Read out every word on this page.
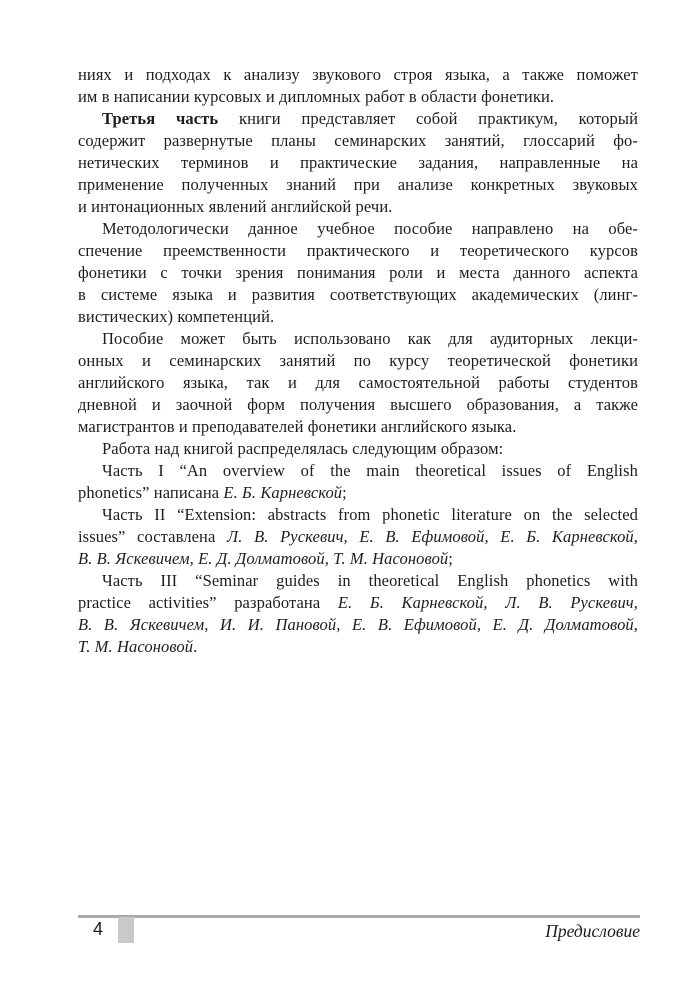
ниях и подходах к анализу звукового строя языка, а также поможет
им в написании курсовых и дипломных работ в области фонетики.
Третья часть книги представляет собой практикум, который
содержит развернутые планы семинарских занятий, глоссарий фо-
нетических терминов и практические задания, направленные на
применение полученных знаний при анализе конкретных звуковых
и интонационных явлений английской речи.
Методологически данное учебное пособие направлено на обе-
спечение преемственности практического и теоретического курсов
фонетики с точки зрения понимания роли и места данного аспекта
в системе языка и развития соответствующих академических (линг-
вистических) компетенций.
Пособие может быть использовано как для аудиторных лекци-
онных и семинарских занятий по курсу теоретической фонетики
английского языка, так и для самостоятельной работы студентов
дневной и заочной форм получения высшего образования, а также
магистрантов и преподавателей фонетики английского языка.
Работа над книгой распределялась следующим образом:
Часть I “An overview of the main theoretical issues of English
phonetics” написана Е. Б. Карневской;
Часть II “Extension: abstracts from phonetic literature on the selected
issues” составлена Л. В. Рускевич, Е. В. Ефимовой, Е. Б. Карневской,
В. В. Яскевичем, Е. Д. Долматовой, Т. М. Насоновой;
Часть III “Seminar guides in theoretical English phonetics with
practice activities” разработана Е. Б. Карневской, Л. В. Рускевич,
В. В. Яскевичем, И. И. Пановой, Е. В. Ефимовой, Е. Д. Долматовой,
Т. М. Насоновой.
4	Предисловие
